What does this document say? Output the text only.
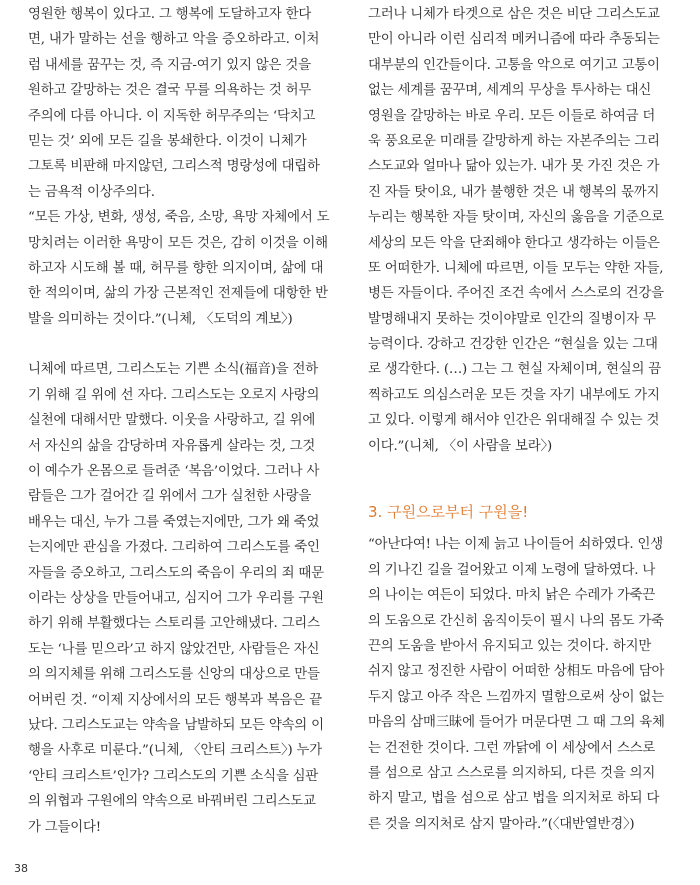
영원한 행복이 있다고. 그 행복에 도달하고자 한다
면, 내가 말하는 선을 행하고 악을 증오하라고. 이처
럼 내세를 꿈꾸는 것, 즉 지금-여기 있지 않은 것을
원하고 갈망하는 것은 결국 무를 의욕하는 것 허무
주의에 다름 아니다. 이 지독한 허무주의는 ‘닥치고
믿는 것’ 외에 모든 길을 봉쇄한다. 이것이 니체가
그토록 비판해 마지않던, 그리스적 명랑성에 대립하
는 금욕적 이상주의다.
“모든 가상, 변화, 생성, 죽음, 소망, 욕망 자체에서 도
망치려는 이러한 욕망이 모든 것은, 감히 이것을 이해
하고자 시도해 볼 때, 허무를 향한 의지이며, 삶에 대
한 적의이며, 삶의 가장 근본적인 전제들에 대항한 반
발을 의미하는 것이다.”(니체, 〈도덕의 계보〉)
니체에 따르면, 그리스도는 기쁜 소식(福音)을 전하
기 위해 길 위에 선 자다. 그리스도는 오로지 사랑의
실천에 대해서만 말했다. 이웃을 사랑하고, 길 위에
서 자신의 삶을 감당하며 자유롭게 살라는 것, 그것
이 예수가 온몸으로 들려준 ‘복음’이었다. 그러나 사
람들은 그가 걸어간 길 위에서 그가 실천한 사랑을
배우는 대신, 누가 그를 죽였는지에만, 그가 왜 죽었
는지에만 관심을 가졌다. 그리하여 그리스도를 죽인
자들을 증오하고, 그리스도의 죽음이 우리의 죄 때문
이라는 상상을 만들어내고, 심지어 그가 우리를 구원
하기 위해 부활했다는 스토리를 고안해냈다. 그리스
도는 ‘나를 믿으라’고 하지 않았건만, 사람들은 자신
의 의지체를 위해 그리스도를 신앙의 대상으로 만들
어버린 것. “이제 지상에서의 모든 행복과 복음은 끝
났다. 그리스도교는 약속을 남발하되 모든 약속의 이
행을 사후로 미룬다.”(니체, 〈안티 크리스트〉) 누가
‘안티 크리스트’인가? 그리스도의 기쁜 소식을 심판
의 위협과 구원에의 약속으로 바꿔버린 그리스도교
가 그들이다!
그러나 니체가 타겟으로 삼은 것은 비단 그리스도교
만이 아니라 이런 심리적 메커니즘에 따라 추동되는
대부분의 인간들이다. 고통을 악으로 여기고 고통이
없는 세계를 꿈꾸며, 세계의 무상을 투사하는 대신
영원을 갈망하는 바로 우리. 모든 이들로 하여금 더
욱 풍요로운 미래를 갈망하게 하는 자본주의는 그리
스도교와 얼마나 닮아 있는가. 내가 못 가진 것은 가
진 자들 탓이요, 내가 불행한 것은 내 행복의 몫까지
누리는 행복한 자들 탓이며, 자신의 옳음을 기준으로
세상의 모든 악을 단죄해야 한다고 생각하는 이들은
또 어떠한가. 니체에 따르면, 이들 모두는 약한 자들,
병든 자들이다. 주어진 조건 속에서 스스로의 건강을
발명해내지 못하는 것이야말로 인간의 질병이자 무
능력이다. 강하고 건강한 인간은 “현실을 있는 그대
로 생각한다. (…) 그는 그 현실 자체이며, 현실의 끔
찍하고도 의심스러운 모든 것을 자기 내부에도 가지
고 있다. 이렇게 해서야 인간은 위대해질 수 있는 것
이다.”(니체, 〈이 사람을 보라〉)
3. 구원으로부터 구원을!
“아난다여! 나는 이제 늙고 나이들어 쇠하였다. 인생
의 기나긴 길을 걸어왔고 이제 노령에 달하였다. 나
의 나이는 여든이 되었다. 마치 낡은 수레가 가죽끈
의 도움으로 간신히 움직이듯이 필시 나의 몸도 가죽
끈의 도움을 받아서 유지되고 있는 것이다. 하지만
쉬지 않고 정진한 사람이 어떠한 상相도 마음에 담아
두지 않고 아주 작은 느낌까지 멸함으로써 상이 없는
마음의 삼매三昧에 들어가 머문다면 그 때 그의 육체
는 건전한 것이다. 그런 까닭에 이 세상에서 스스로
를 섬으로 삼고 스스로를 의지하되, 다른 것을 의지
하지 말고, 법을 섬으로 삼고 법을 의지처로 하되 다
른 것을 의지처로 삼지 말아라.”(〈대반열반경〉)
38
